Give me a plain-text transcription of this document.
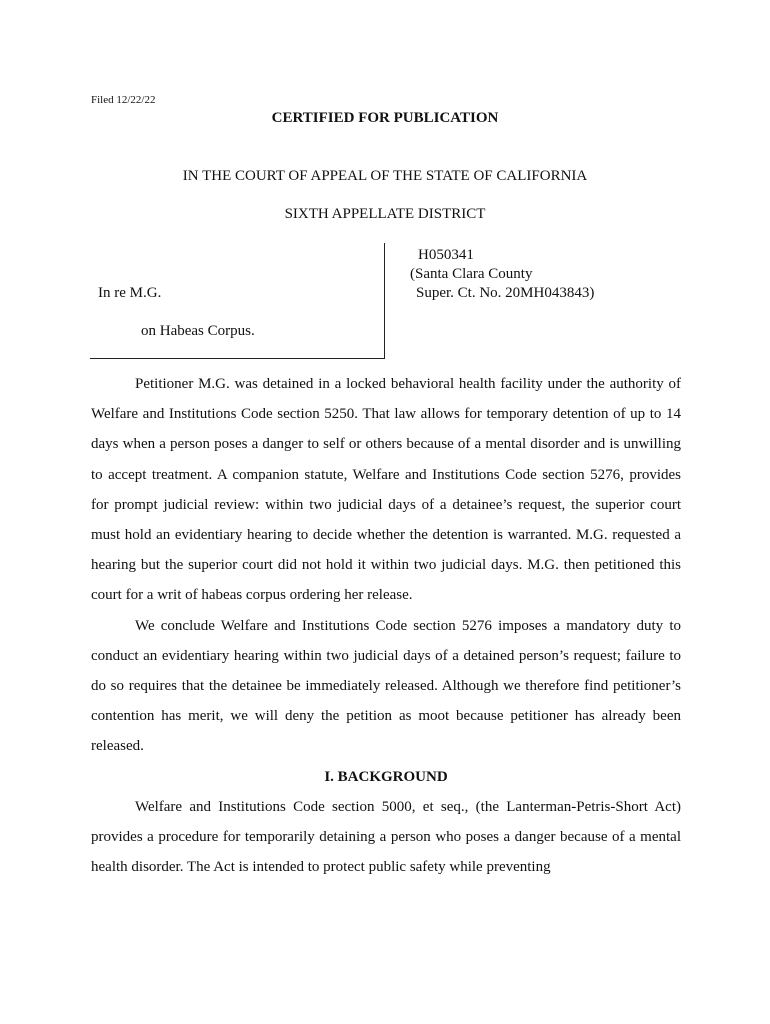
Filed 12/22/22
CERTIFIED FOR PUBLICATION
IN THE COURT OF APPEAL OF THE STATE OF CALIFORNIA
SIXTH APPELLATE DISTRICT
In re M.G.
on Habeas Corpus.
H050341
(Santa Clara County
Super. Ct. No. 20MH043843)

Petitioner M.G. was detained in a locked behavioral health facility under the authority of Welfare and Institutions Code section 5250. That law allows for temporary detention of up to 14 days when a person poses a danger to self or others because of a mental disorder and is unwilling to accept treatment. A companion statute, Welfare and Institutions Code section 5276, provides for prompt judicial review: within two judicial days of a detainee’s request, the superior court must hold an evidentiary hearing to decide whether the detention is warranted. M.G. requested a hearing but the superior court did not hold it within two judicial days. M.G. then petitioned this court for a writ of habeas corpus ordering her release.

We conclude Welfare and Institutions Code section 5276 imposes a mandatory duty to conduct an evidentiary hearing within two judicial days of a detained person’s request; failure to do so requires that the detainee be immediately released. Although we therefore find petitioner’s contention has merit, we will deny the petition as moot because petitioner has already been released.

I. BACKGROUND

Welfare and Institutions Code section 5000, et seq., (the Lanterman-Petris-Short Act) provides a procedure for temporarily detaining a person who poses a danger because of a mental health disorder. The Act is intended to protect public safety while preventing
